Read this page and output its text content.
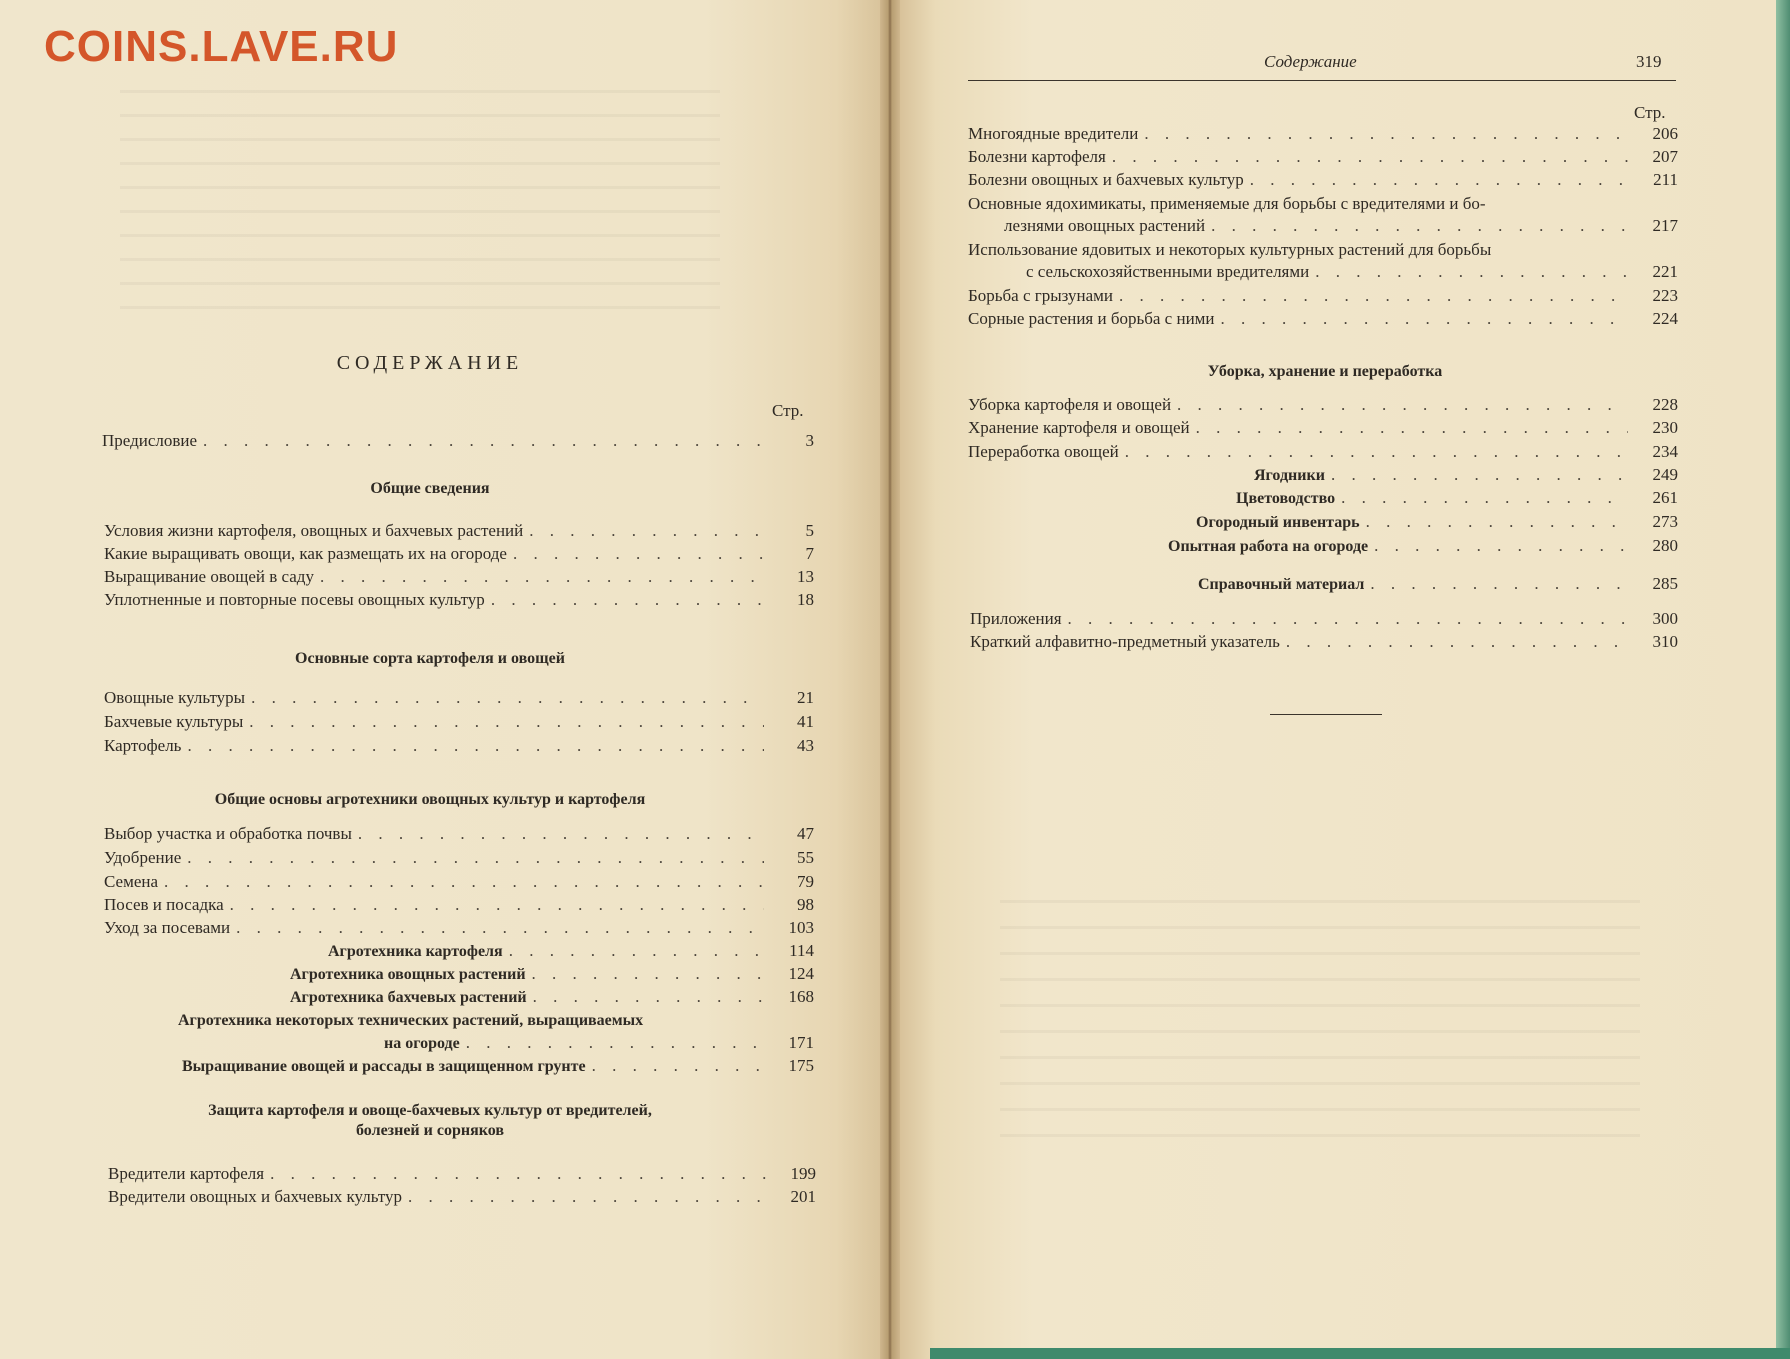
COINS.LAVE.RU
СОДЕРЖАНИЕ
Стр.
Предисловие . . .	3
Общие сведения
Условия жизни картофеля, овощных и бахчевых растений . . .	5
Какие выращивать овощи, как размещать их на огороде . . .	7
Выращивание овощей в саду . . .	13
Уплотненные и повторные посевы овощных культур . . .	18
Основные сорта картофеля и овощей
Овощные культуры . . .	21
Бахчевые культуры . . .	41
Картофель . . .	43
Общие основы агротехники овощных культур и картофеля
Выбор участка и обработка почвы . . .	47
Удобрение . . .	55
Семена . . .	79
Посев и посадка . . .	98
Уход за посевами . . .	103
Агротехника картофеля . . .	114
Агротехника овощных растений . . .	124
Агротехника бахчевых растений . . .	168
Агротехника некоторых технических растений, выращиваемых
на огороде . . .	171
Выращивание овощей и рассады в защищенном грунте . . .	175
Защита картофеля и овоще-бахчевых культур от вредителей,
болезней и сорняков
Вредители картофеля . . .	199
Вредители овощных и бахчевых культур . . .	201
Содержание	319
Стр.
Многоядные вредители . . .	206
Болезни картофеля . . .	207
Болезни овощных и бахчевых культур . . .	211
Основные ядохимикаты, применяемые для борьбы с вредителями и бо-
лезнями овощных растений . . .	217
Использование ядовитых и некоторых культурных растений для борьбы
с сельскохозяйственными вредителями . . .	221
Борьба с грызунами . . .	223
Сорные растения и борьба с ними . . .	224
Уборка, хранение и переработка
Уборка картофеля и овощей . . .	228
Хранение картофеля и овощей . . .	230
Переработка овощей . . .	234
Ягодники . . .	249
Цветоводство . . .	261
Огородный инвентарь . . .	273
Опытная работа на огороде . . .	280
Справочный материал . . .	285
Приложения . . .	300
Краткий алфавитно-предметный указатель . . .	310
